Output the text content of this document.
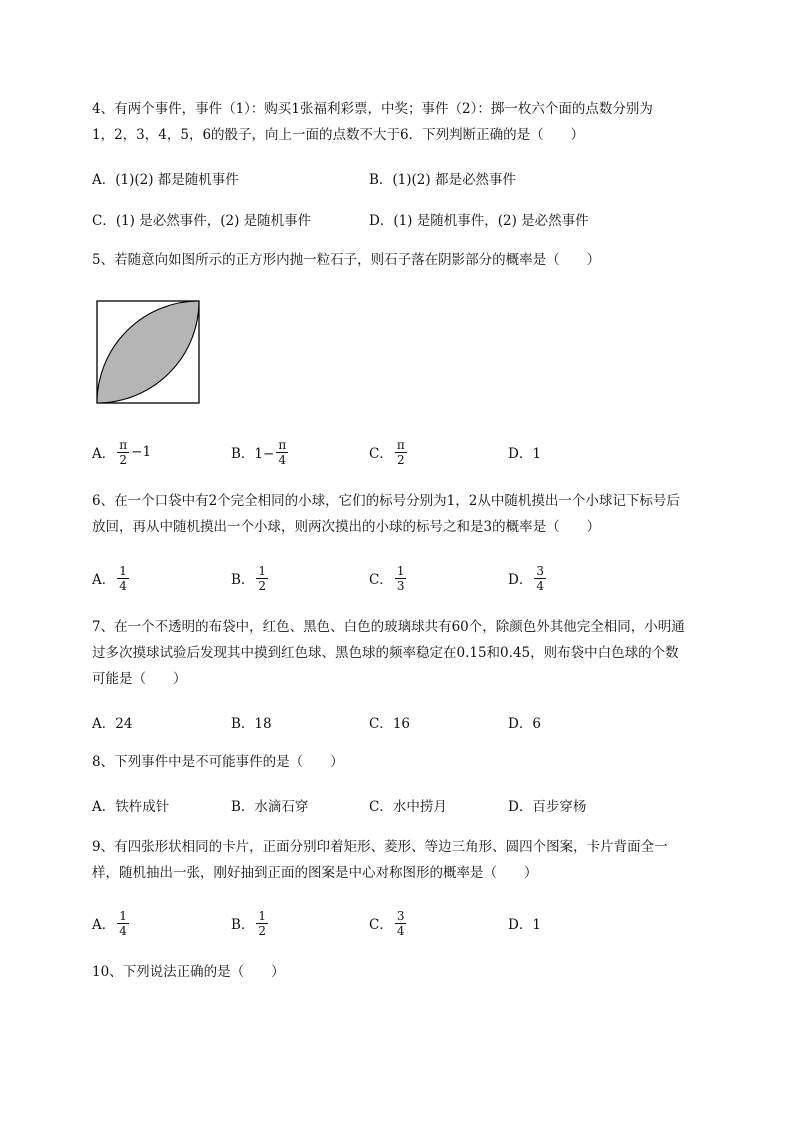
4、有两个事件，事件（1）：购买1张福利彩票，中奖；事件（2）：掷一枚六个面的点数分别为
1，2，3，4，5，6的骰子，向上一面的点数不大于6．下列判断正确的是（　　）
A．(1)(2) 都是随机事件	B．(1)(2) 都是必然事件
C．(1) 是必然事件，(2) 是随机事件	D．(1) 是随机事件，(2) 是必然事件
5、若随意向如图所示的正方形内抛一粒石子，则石子落在阴影部分的概率是（　　）
A． $\frac{\pi}{2} -1$	B．$1- \frac{\pi}{4}$	C． $\frac{\pi}{2}$	D．1
6、在一个口袋中有2个完全相同的小球，它们的标号分别为1，2从中随机摸出一个小球记下标号后
放回，再从中随机摸出一个小球，则两次摸出的小球的标号之和是3的概率是（　　）
A． $\frac{1}{4}$	B． $\frac{1}{2}$	C． $\frac{1}{3}$	D． $\frac{3}{4}$
7、在一个不透明的布袋中，红色、黑色、白色的玻璃球共有60个，除颜色外其他完全相同，小明通
过多次摸球试验后发现其中摸到红色球、黑色球的频率稳定在0.15和0.45，则布袋中白色球的个数
可能是（　　）
A．24	B．18	C．16	D．6
8、下列事件中是不可能事件的是（　　）
A．铁杵成针	B．水滴石穿	C．水中捞月	D．百步穿杨
9、有四张形状相同的卡片，正面分别印着矩形、菱形、等边三角形、圆四个图案，卡片背面全一
样，随机抽出一张，刚好抽到正面的图案是中心对称图形的概率是（　　）
A． $\frac{1}{4}$	B． $\frac{1}{2}$	C． $\frac{3}{4}$	D．1
10、下列说法正确的是（　　）
